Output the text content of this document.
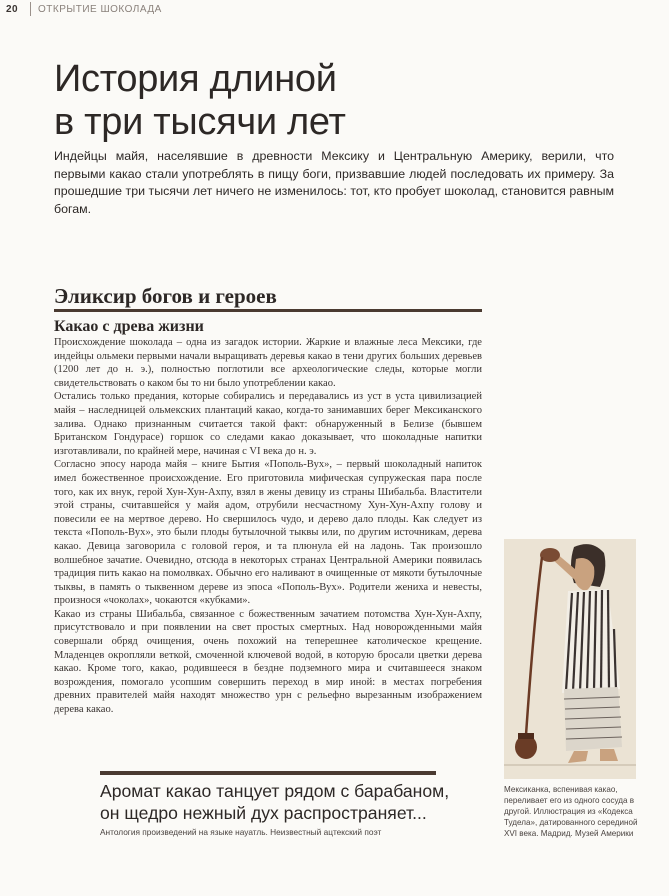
20 ОТКРЫТИЕ ШОКОЛАДА
История длиной
в три тысячи лет

Индейцы майя, населявшие в древности Мексику и Центральную Америку, верили, что первыми какао стали употреблять в пищу боги, призвавшие людей последовать их примеру. За прошедшие три тысячи лет ничего не изменилось: тот, кто пробует шоколад, становится равным богам.

Эликсир богов и героев
Какао с древа жизни

Происхождение шоколада – одна из загадок истории. Жаркие и влажные леса Мексики, где индейцы ольмеки первыми начали выращивать деревья какао в тени других больших деревьев (1200 лет до н. э.), полностью поглотили все археологические следы, которые могли свидетельствовать о каком бы то ни было употреблении какао.

Остались только предания, которые собирались и передавались из уст в уста цивилизацией майя – наследницей ольмекских плантаций какао, когда-то занимавших берег Мексиканского залива. Однако признанным считается такой факт: обнаруженный в Белизе (бывшем Британском Гондурасе) горшок со следами какао доказывает, что шоколадные напитки изготавливали, по крайней мере, начиная с VI века до н. э.

Согласно эпосу народа майя – книге Бытия «Пополь-Вух», – первый шоколадный напиток имел божественное происхождение. Его приготовила мифическая супружеская пара после того, как их внук, герой Хун-Хун-Ахпу, взял в жены девицу из страны Шибальба. Властители этой страны, считавшейся у майя адом, отрубили несчастному Хун-Хун-Ахпу голову и повесили ее на мертвое дерево. Но свершилось чудо, и дерево дало плоды. Как следует из текста «Пополь-Вух», это были плоды бутылочной тыквы или, по другим источникам, дерева какао. Девица заговорила с головой героя, и та плюнула ей на ладонь. Так произошло волшебное зачатие. Очевидно, отсюда в некоторых странах Центральной Америки появилась традиция пить какао на помолвках. Обычно его наливают в очищенные от мякоти бутылочные тыквы, в память о тыквенном дереве из эпоса «Пополь-Вух». Родители жениха и невесты, произнося «чоколах», чокаются «кубками».

Какао из страны Шибальба, связанное с божественным зачатием потомства Хун-Хун-Ахпу, присутствовало и при появлении на свет простых смертных. Над новорожденными майя совершали обряд очищения, очень похожий на теперешнее католическое крещение. Младенцев окропляли веткой, смоченной ключевой водой, в которую бросали цветки дерева какао. Кроме того, какао, родившееся в бездне подземного мира и считавшееся знаком возрождения, помогало усопшим совершить переход в мир иной: в местах погребения древних правителей майя находят множество урн с рельефно вырезанным изображением дерева какао.

Мексиканка, вспенивая какао, переливает его из одного сосуда в другой. Иллюстрация из «Кодекса Тудела», датированного серединой XVI века. Мадрид. Музей Америки

Аромат какао танцует рядом с барабаном, он щедро нежный дух распространяет...

Антология произведений на языке науатль. Неизвестный ацтекский поэт
